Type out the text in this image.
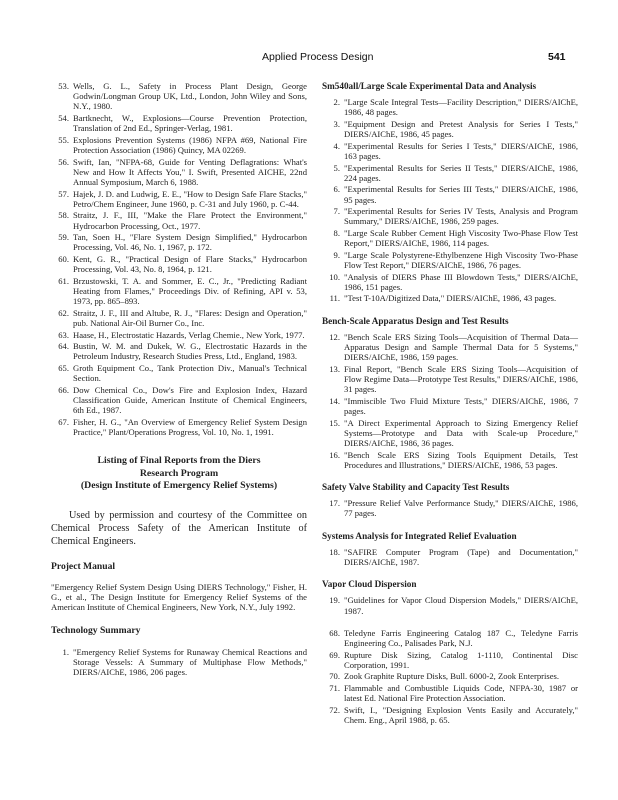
Applied Process Design	541
53. Wells, G. L., Safety in Process Plant Design, George Godwin/Longman Group UK, Ltd., London, John Wiley and Sons, N.Y., 1980.
54. Bartknecht, W., Explosions—Course Prevention Protection, Translation of 2nd Ed., Springer-Verlag, 1981.
55. Explosions Prevention Systems (1986) NFPA #69, National Fire Protection Association (1986) Quincy, MA 02269.
56. Swift, Ian, "NFPA-68, Guide for Venting Deflagrations: What's New and How It Affects You," I. Swift, Presented AICHE, 22nd Annual Symposium, March 6, 1988.
57. Hajek, J. D. and Ludwig, E. E., "How to Design Safe Flare Stacks," Petro/Chem Engineer, June 1960, p. C-31 and July 1960, p. C-44.
58. Straitz, J. F., III, "Make the Flare Protect the Environment," Hydrocarbon Processing, Oct., 1977.
59. Tan, Soen H., "Flare System Design Simplified," Hydrocarbon Processing, Vol. 46, No. 1, 1967, p. 172.
60. Kent, G. R., "Practical Design of Flare Stacks," Hydrocarbon Processing, Vol. 43, No. 8, 1964, p. 121.
61. Brzustowski, T. A. and Sommer, E. C., Jr., "Predicting Radiant Heating from Flames," Proceedings Div. of Refining, API v. 53, 1973, pp. 865–893.
62. Straitz, J. F., III and Altube, R. J., "Flares: Design and Operation," pub. National Air-Oil Burner Co., Inc.
63. Haase, H., Electrostatic Hazards, Verlag Chemie., New York, 1977.
64. Bustin, W. M. and Dukek, W. G., Electrostatic Hazards in the Petroleum Industry, Research Studies Press, Ltd., England, 1983.
65. Groth Equipment Co., Tank Protection Div., Manual's Technical Section.
66. Dow Chemical Co., Dow's Fire and Explosion Index, Hazard Classification Guide, American Institute of Chemical Engineers, 6th Ed., 1987.
67. Fisher, H. G., "An Overview of Emergency Relief System Design Practice," Plant/Operations Progress, Vol. 10, No. 1, 1991.
Listing of Final Reports from the Diers
Research Program
(Design Institute of Emergency Relief Systems)

Used by permission and courtesy of the Committee on Chemical Process Safety of the American Institute of Chemical Engineers.

Project Manual

"Emergency Relief System Design Using DIERS Technology," Fisher, H. G., et al., The Design Institute for Emergency Relief Systems of the American Institute of Chemical Engineers, New York, N.Y., July 1992.

Technology Summary
1. "Emergency Relief Systems for Runaway Chemical Reactions and Storage Vessels: A Summary of Multiphase Flow Methods," DIERS/AIChE, 1986, 206 pages.
Sm540all/Large Scale Experimental Data and Analysis
2. "Large Scale Integral Tests—Facility Description," DIERS/AIChE, 1986, 48 pages.
3. "Equipment Design and Pretest Analysis for Series I Tests," DIERS/AIChE, 1986, 45 pages.
4. "Experimental Results for Series I Tests," DIERS/AIChE, 1986, 163 pages.
5. "Experimental Results for Series II Tests," DIERS/AIChE, 1986, 224 pages.
6. "Experimental Results for Series III Tests," DIERS/AIChE, 1986, 95 pages.
7. "Experimental Results for Series IV Tests, Analysis and Program Summary," DIERS/AIChE, 1986, 259 pages.
8. "Large Scale Rubber Cement High Viscosity Two-Phase Flow Test Report," DIERS/AIChE, 1986, 114 pages.
9. "Large Scale Polystyrene-Ethylbenzene High Viscosity Two-Phase Flow Test Report," DIERS/AIChE, 1986, 76 pages.
10. "Analysis of DIERS Phase III Blowdown Tests," DIERS/AIChE, 1986, 151 pages.
11. "Test T-10A/Digitized Data," DIERS/AIChE, 1986, 43 pages.
Bench-Scale Apparatus Design and Test Results
12. "Bench Scale ERS Sizing Tools—Acquisition of Thermal Data—Apparatus Design and Sample Thermal Data for 5 Systems," DIERS/AIChE, 1986, 159 pages.
13. Final Report, "Bench Scale ERS Sizing Tools—Acquisition of Flow Regime Data—Prototype Test Results," DIERS/AIChE, 1986, 31 pages.
14. "Immiscible Two Fluid Mixture Tests," DIERS/AIChE, 1986, 7 pages.
15. "A Direct Experimental Approach to Sizing Emergency Relief Systems—Prototype and Data with Scale-up Procedure," DIERS/AIChE, 1986, 36 pages.
16. "Bench Scale ERS Sizing Tools Equipment Details, Test Procedures and Illustrations," DIERS/AIChE, 1986, 53 pages.
Safety Valve Stability and Capacity Test Results
17. "Pressure Relief Valve Performance Study," DIERS/AIChE, 1986, 77 pages.
Systems Analysis for Integrated Relief Evaluation
18. "SAFIRE Computer Program (Tape) and Documentation," DIERS/AIChE, 1987.
Vapor Cloud Dispersion
19. "Guidelines for Vapor Cloud Dispersion Models," DIERS/AIChE, 1987.
68. Teledyne Farris Engineering Catalog 187 C., Teledyne Farris Engineering Co., Palisades Park, N.J.
69. Rupture Disk Sizing, Catalog 1-1110, Continental Disc Corporation, 1991.
70. Zook Graphite Rupture Disks, Bull. 6000-2, Zook Enterprises.
71. Flammable and Combustible Liquids Code, NFPA-30, 1987 or latest Ed. National Fire Protection Association.
72. Swift, I., "Designing Explosion Vents Easily and Accurately," Chem. Eng., April 1988, p. 65.
